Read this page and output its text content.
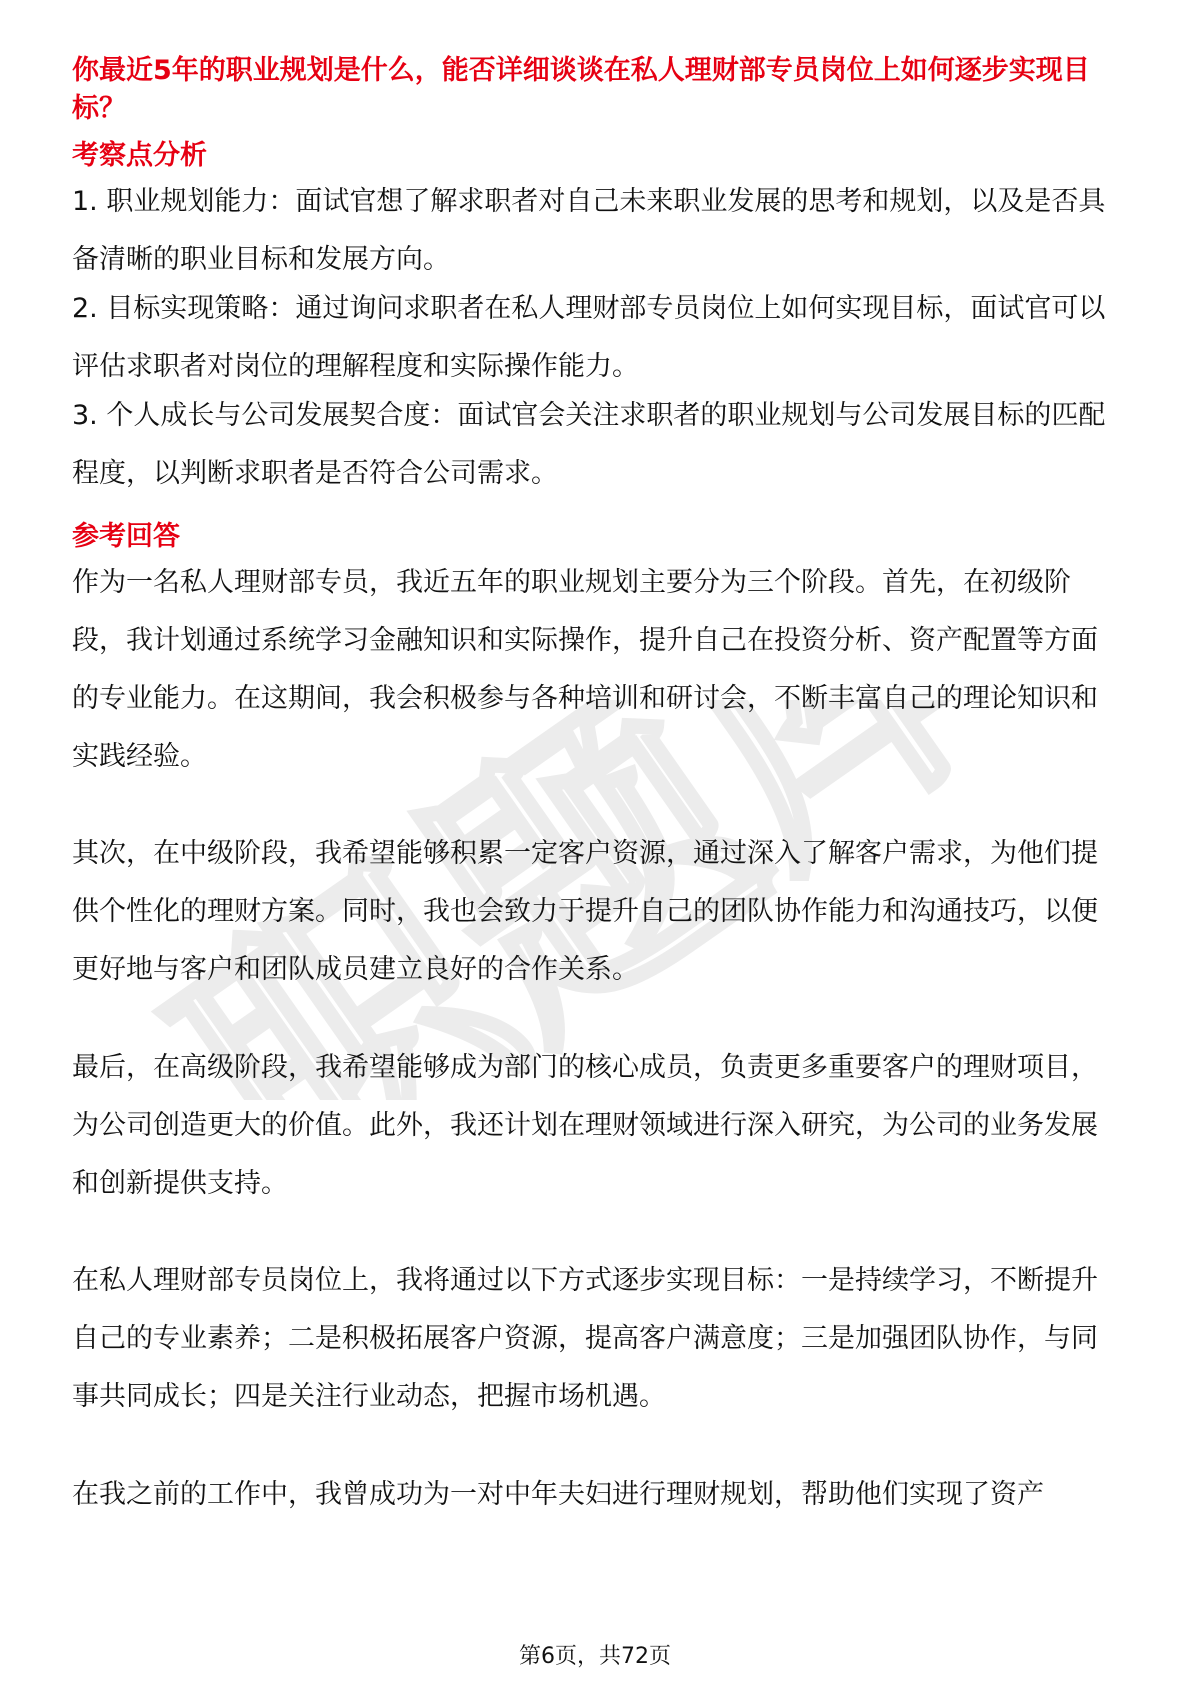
你最近5年的职业规划是什么，能否详细谈谈在私人理财部专员岗位上如何逐步实现目标？

考察点分析

1. 职业规划能力：面试官想了解求职者对自己未来职业发展的思考和规划，以及是否具备清晰的职业目标和发展方向。

2. 目标实现策略：通过询问求职者在私人理财部专员岗位上如何实现目标，面试官可以评估求职者对岗位的理解程度和实际操作能力。

3. 个人成长与公司发展契合度：面试官会关注求职者的职业规划与公司发展目标的匹配程度，以判断求职者是否符合公司需求。

参考回答

作为一名私人理财部专员，我近五年的职业规划主要分为三个阶段。首先，在初级阶段，我计划通过系统学习金融知识和实际操作，提升自己在投资分析、资产配置等方面的专业能力。在这期间，我会积极参与各种培训和研讨会，不断丰富自己的理论知识和实践经验。

其次，在中级阶段，我希望能够积累一定客户资源，通过深入了解客户需求，为他们提供个性化的理财方案。同时，我也会致力于提升自己的团队协作能力和沟通技巧，以便更好地与客户和团队成员建立良好的合作关系。

最后，在高级阶段，我希望能够成为部门的核心成员，负责更多重要客户的理财项目，为公司创造更大的价值。此外，我还计划在理财领域进行深入研究，为公司的业务发展和创新提供支持。

在私人理财部专员岗位上，我将通过以下方式逐步实现目标：一是持续学习，不断提升自己的专业素养；二是积极拓展客户资源，提高客户满意度；三是加强团队协作，与同事共同成长；四是关注行业动态，把握市场机遇。

在我之前的工作中，我曾成功为一对中年夫妇进行理财规划，帮助他们实现了资产

第6页，共72页
